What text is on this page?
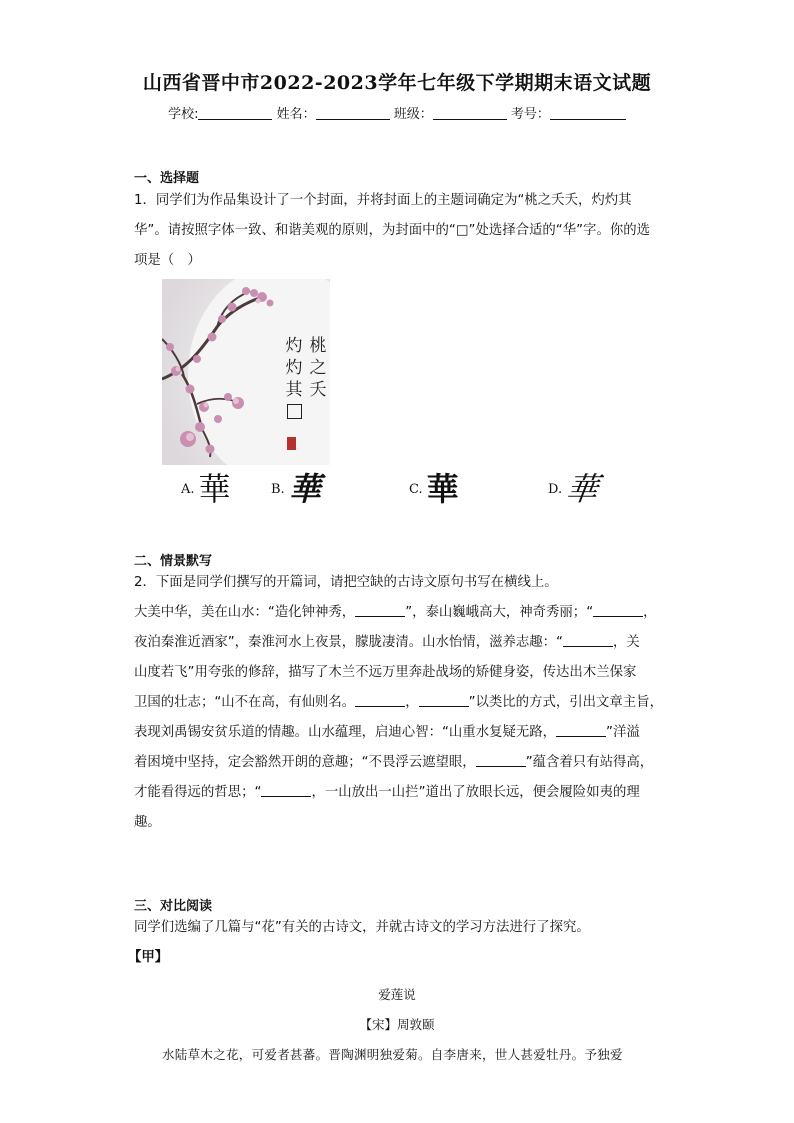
山西省晋中市2022-2023学年七年级下学期期末语文试题
学校:	姓名：	班级：	考号：
一、选择题
1．同学们为作品集设计了一个封面，并将封面上的主题词确定为“桃之夭夭，灼灼其
华”。请按照字体一致、和谐美观的原则，为封面中的“□”处选择合适的“华”字。你的选
项是（　）
桃之夭
灼灼其
A. 華	B. 華	C. 華	D. 華
二、情景默写
2．下面是同学们撰写的开篇词，请把空缺的古诗文原句书写在横线上。
大美中华，美在山水：“造化钟神秀，	”，泰山巍峨高大，神奇秀丽；“	，
夜泊秦淮近酒家”，秦淮河水上夜景，朦胧凄清。山水怡情，滋养志趣：“	，关
山度若飞”用夸张的修辞，描写了木兰不远万里奔赴战场的矫健身姿，传达出木兰保家
卫国的壮志；“山不在高，有仙则名。	，	”以类比的方式，引出文章主旨，
表现刘禹锡安贫乐道的情趣。山水蕴理，启迪心智：“山重水复疑无路，	”洋溢
着困境中坚持，定会豁然开朗的意趣；“不畏浮云遮望眼，	”蕴含着只有站得高，
才能看得远的哲思；“	，一山放出一山拦”道出了放眼长远，便会履险如夷的理
趣。
三、对比阅读
同学们选编了几篇与“花”有关的古诗文，并就古诗文的学习方法进行了探究。
【甲】
爱莲说
【宋】周敦颐
水陆草木之花，可爱者甚蕃。晋陶渊明独爱菊。自李唐来，世人甚爱牡丹。予独爱
